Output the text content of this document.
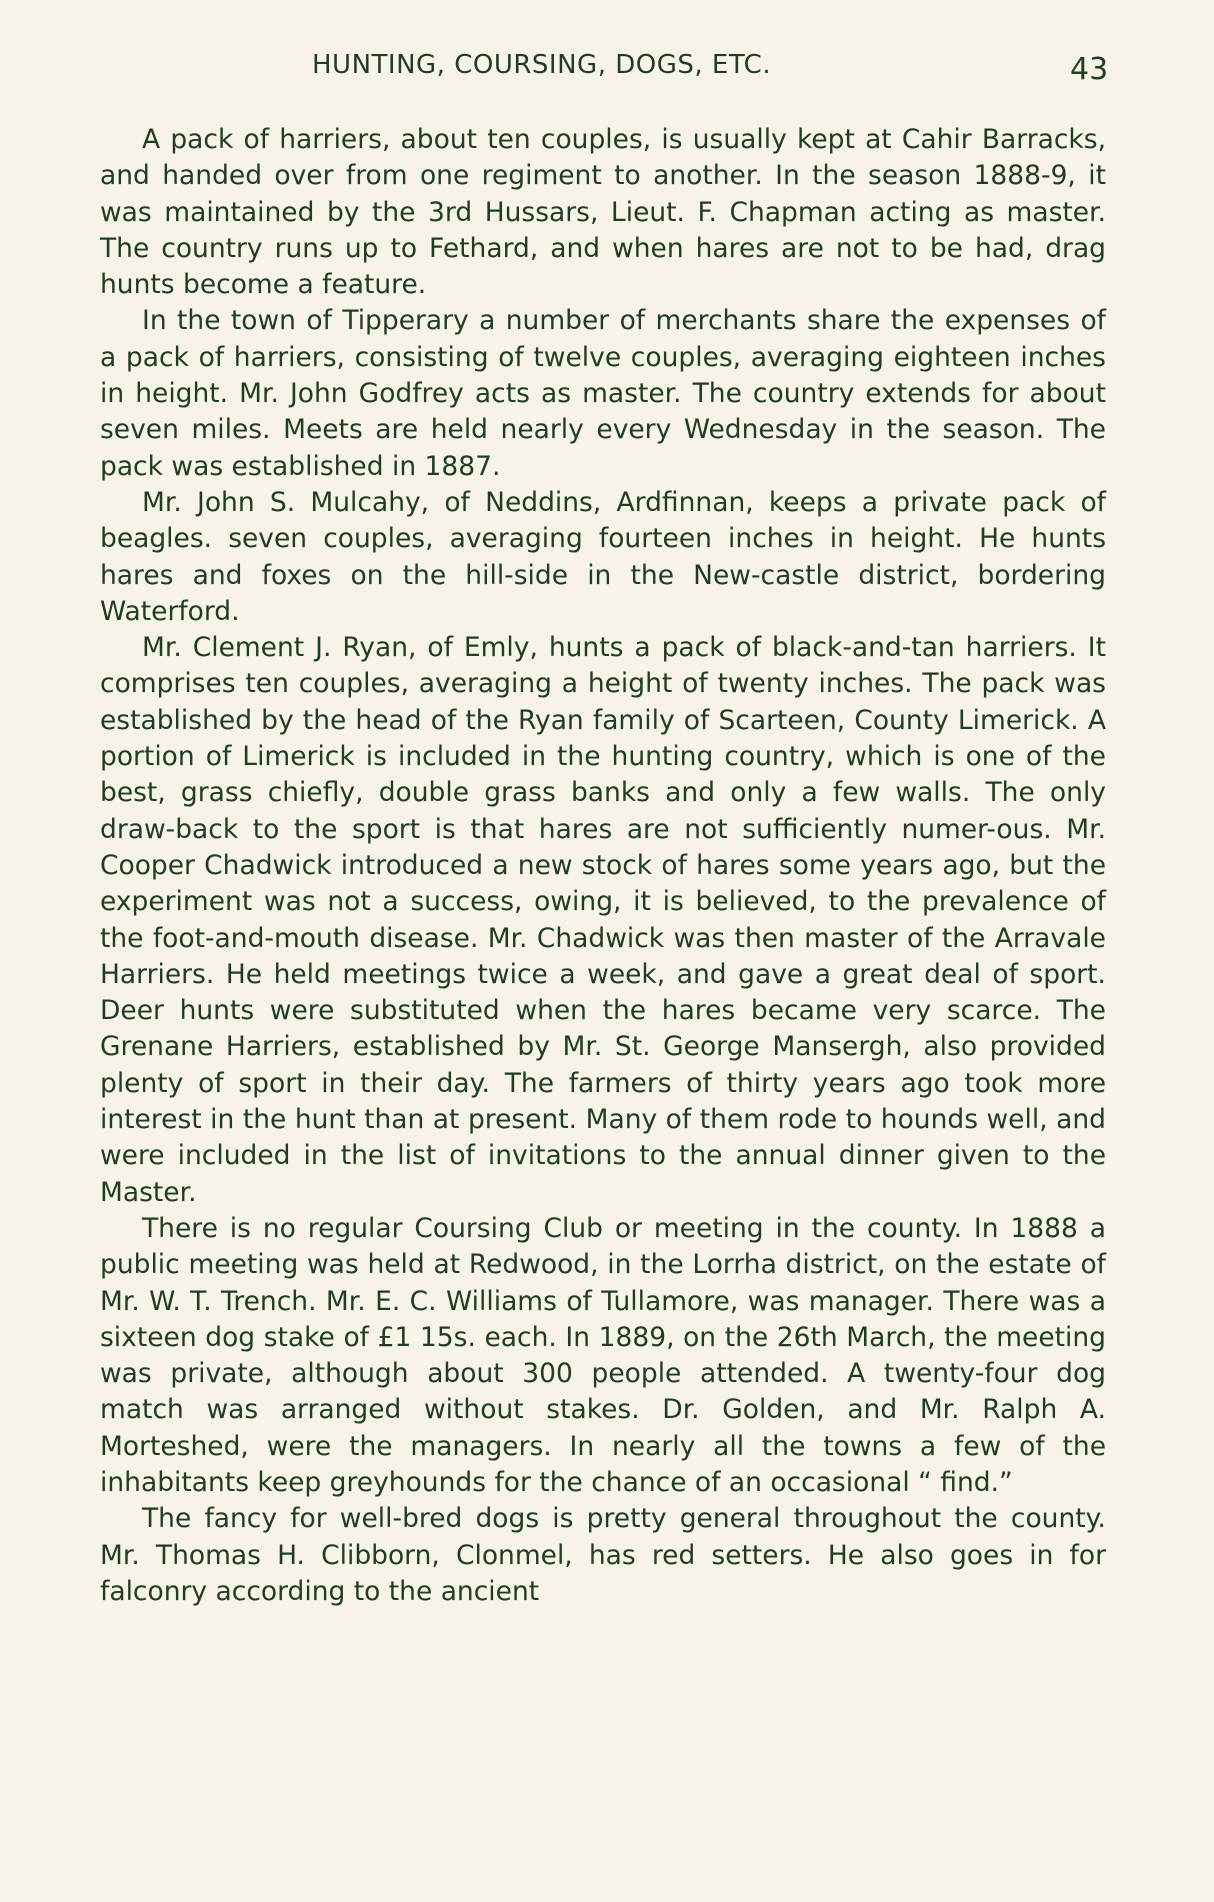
HUNTING, COURSING, DOGS, ETC.	43

A pack of harriers, about ten couples, is usually kept at Cahir Barracks, and handed over from one regiment to another. In the season 1888-9, it was maintained by the 3rd Hussars, Lieut. F. Chapman acting as master. The country runs up to Fethard, and when hares are not to be had, drag hunts become a feature.

In the town of Tipperary a number of merchants share the expenses of a pack of harriers, consisting of twelve couples, averaging eighteen inches in height. Mr. John Godfrey acts as master. The country extends for about seven miles. Meets are held nearly every Wednesday in the season. The pack was established in 1887.

Mr. John S. Mulcahy, of Neddins, Ardfinnan, keeps a private pack of beagles. seven couples, averaging fourteen inches in height. He hunts hares and foxes on the hill-side in the New-castle district, bordering Waterford.

Mr. Clement J. Ryan, of Emly, hunts a pack of black-and-tan harriers. It comprises ten couples, averaging a height of twenty inches. The pack was established by the head of the Ryan family of Scarteen, County Limerick. A portion of Limerick is included in the hunting country, which is one of the best, grass chiefly, double grass banks and only a few walls. The only draw-back to the sport is that hares are not sufficiently numer-ous. Mr. Cooper Chadwick introduced a new stock of hares some years ago, but the experiment was not a success, owing, it is believed, to the prevalence of the foot-and-mouth disease. Mr. Chadwick was then master of the Arravale Harriers. He held meetings twice a week, and gave a great deal of sport. Deer hunts were substituted when the hares became very scarce. The Grenane Harriers, established by Mr. St. George Mansergh, also provided plenty of sport in their day. The farmers of thirty years ago took more interest in the hunt than at present. Many of them rode to hounds well, and were included in the list of invitations to the annual dinner given to the Master.

There is no regular Coursing Club or meeting in the county. In 1888 a public meeting was held at Redwood, in the Lorrha district, on the estate of Mr. W. T. Trench. Mr. E. C. Williams of Tullamore, was manager. There was a sixteen dog stake of £1 15s. each. In 1889, on the 26th March, the meeting was private, although about 300 people attended. A twenty-four dog match was arranged without stakes. Dr. Golden, and Mr. Ralph A. Morteshed, were the managers. In nearly all the towns a few of the inhabitants keep greyhounds for the chance of an occasional “ find.”

The fancy for well-bred dogs is pretty general throughout the county. Mr. Thomas H. Clibborn, Clonmel, has red setters. He also goes in for falconry according to the ancient
